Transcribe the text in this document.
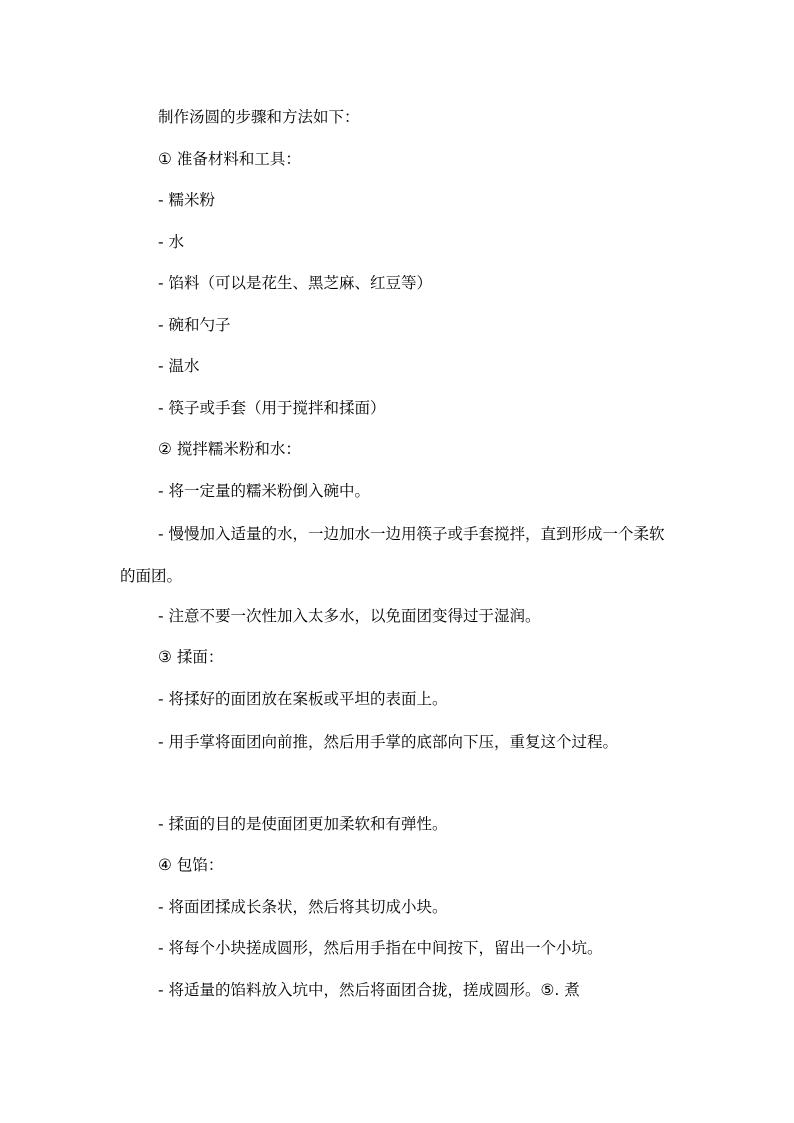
制作汤圆的步骤和方法如下：
① 准备材料和工具：
- 糯米粉
- 水
- 馅料（可以是花生、黑芝麻、红豆等）
- 碗和勺子
- 温水
- 筷子或手套（用于搅拌和揉面）
② 搅拌糯米粉和水：
- 将一定量的糯米粉倒入碗中。
- 慢慢加入适量的水，一边加水一边用筷子或手套搅拌，直到形成一个柔软的面团。
- 注意不要一次性加入太多水，以免面团变得过于湿润。
③ 揉面：
- 将揉好的面团放在案板或平坦的表面上。
- 用手掌将面团向前推，然后用手掌的底部向下压，重复这个过程。
- 揉面的目的是使面团更加柔软和有弹性。
④ 包馅：
- 将面团揉成长条状，然后将其切成小块。
- 将每个小块搓成圆形，然后用手指在中间按下，留出一个小坑。
- 将适量的馅料放入坑中，然后将面团合拢，搓成圆形。⑤. 煮
